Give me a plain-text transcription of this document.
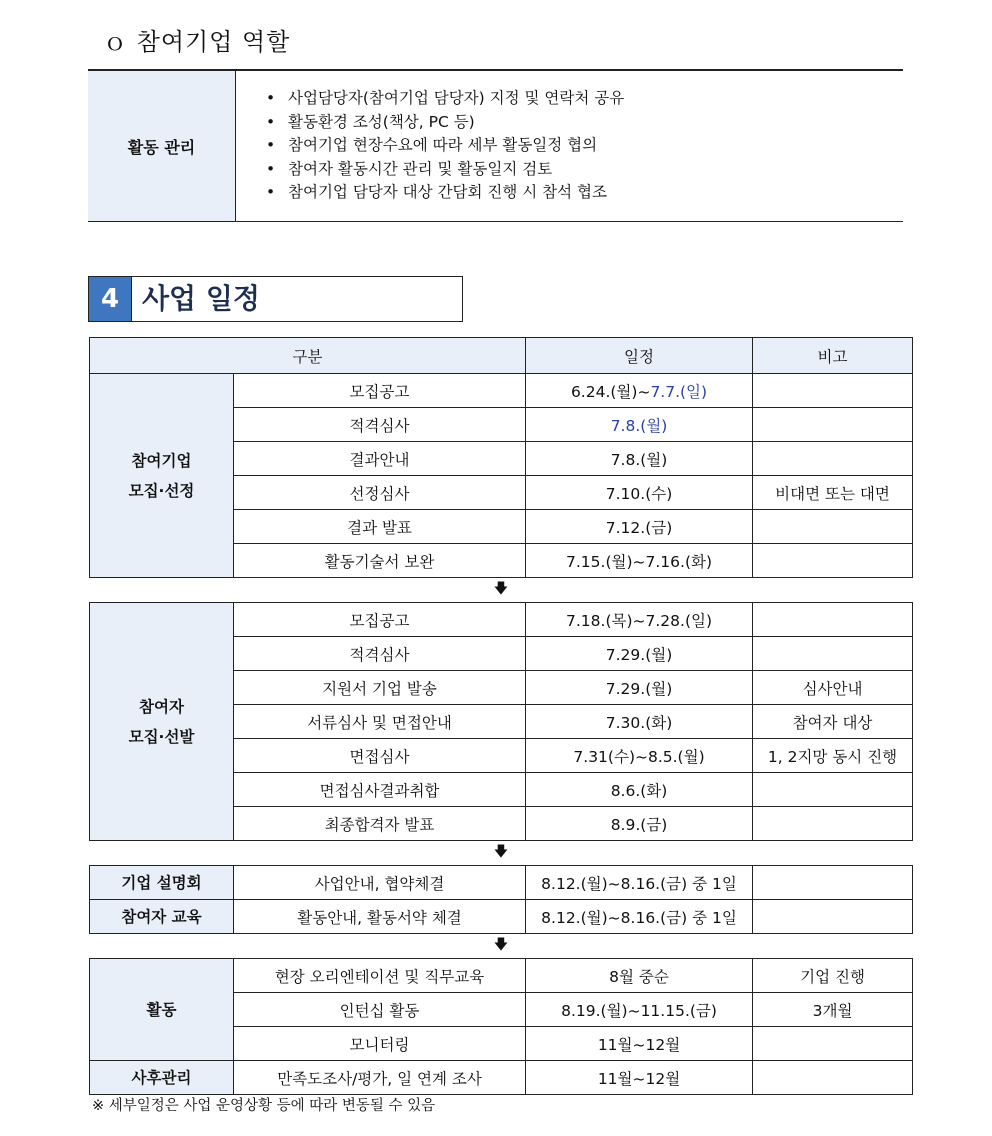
ｏ 참여기업 역할
활동 관리	
• 사업담당자(참여기업 담당자) 지정 및 연락처 공유
• 활동환경 조성(책상, PC 등)
• 참여기업 현장수요에 따라 세부 활동일정 협의
• 참여자 활동시간 관리 및 활동일지 검토
• 참여기업 담당자 대상 간담회 진행 시 참석 협조
4 사업 일정
구분		일정	비고
참여기업
모집·선정	모집공고	6.24.(월)~7.7.(일)	
	적격심사	7.8.(월)	
	결과안내	7.8.(월)	
	선정심사	7.10.(수)	비대면 또는 대면
	결과 발표	7.12.(금)	
	활동기술서 보완	7.15.(월)~7.16.(화)	
🡇			
참여자
모집·선발	모집공고	7.18.(목)~7.28.(일)	
	적격심사	7.29.(월)	
	지원서 기업 발송	7.29.(월)	심사안내
	서류심사 및 면접안내	7.30.(화)	참여자 대상
	면접심사	7.31(수)~8.5.(월)	1, 2지망 동시 진행
	면접심사결과취합	8.6.(화)	
	최종합격자 발표	8.9.(금)	
🡇			
기업 설명회	사업안내, 협약체결	8.12.(월)~8.16.(금) 중 1일	
참여자 교육	활동안내, 활동서약 체결	8.12.(월)~8.16.(금) 중 1일	
🡇			
활동	현장 오리엔테이션 및 직무교육	8월 중순	기업 진행
	인턴십 활동	8.19.(월)~11.15.(금)	3개월
	모니터링	11월~12월	
사후관리	만족도조사/평가, 일 연계 조사	11월~12월	
※ 세부일정은 사업 운영상황 등에 따라 변동될 수 있음
